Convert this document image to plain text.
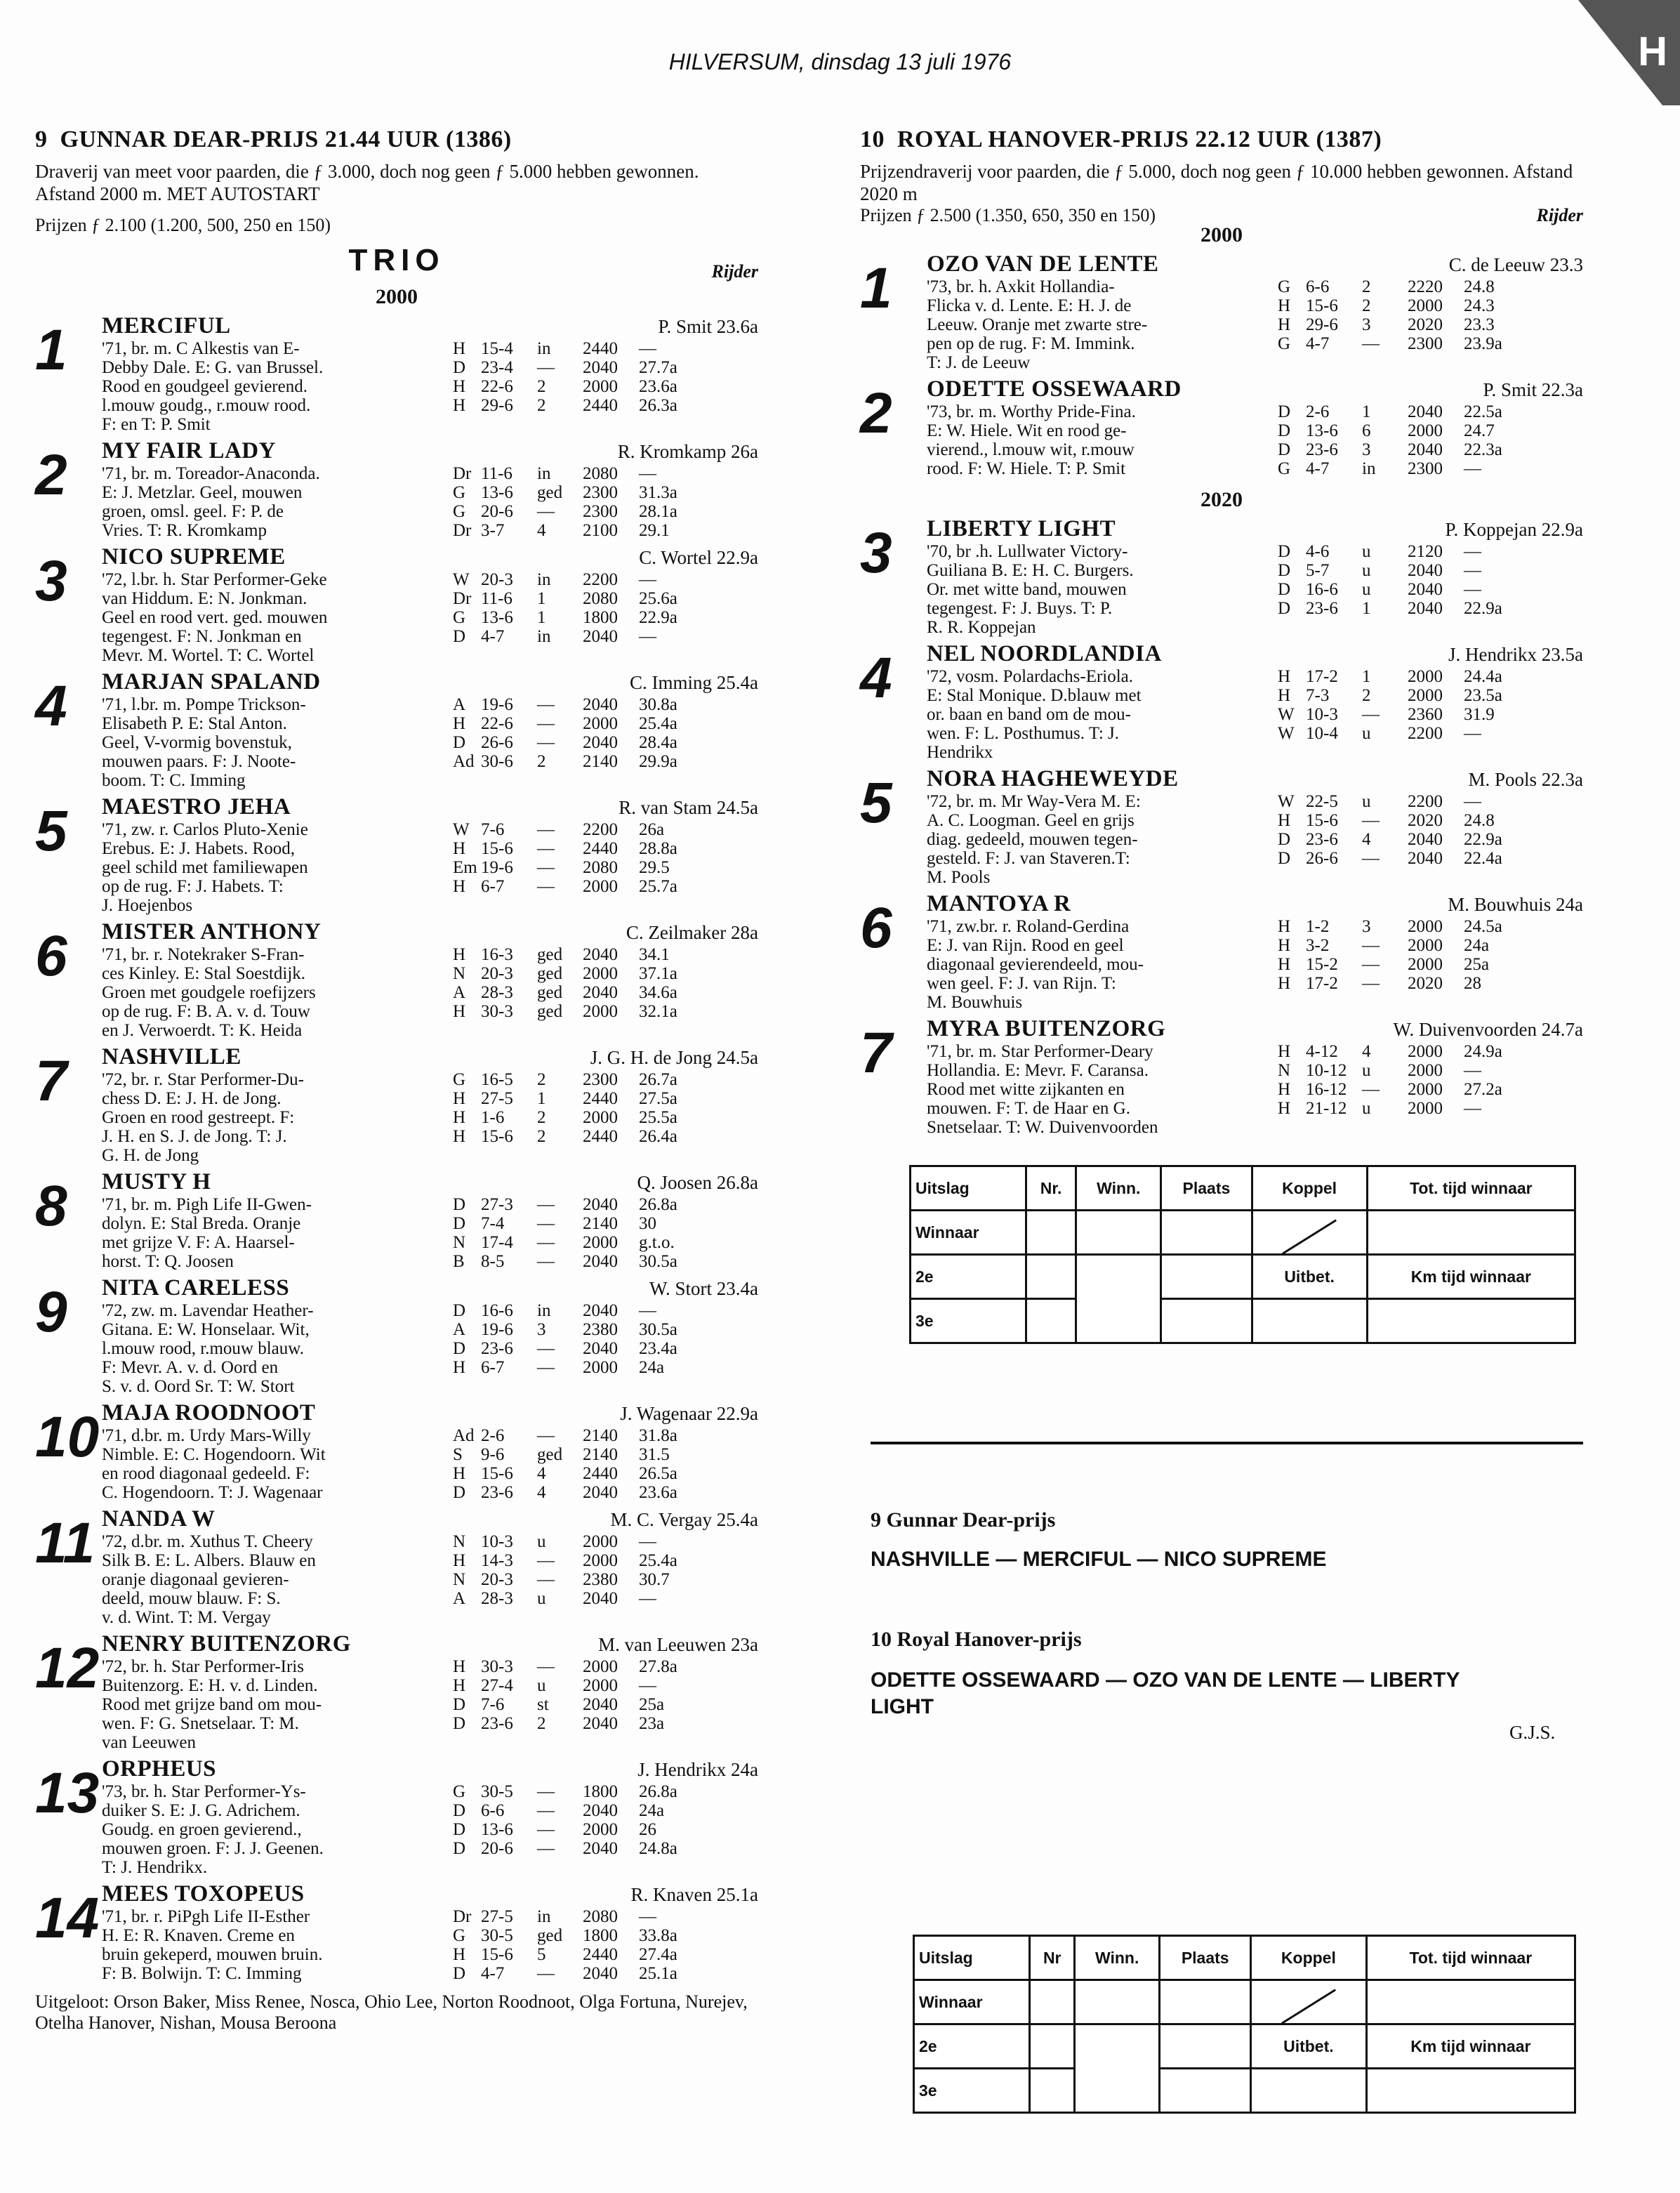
H
HILVERSUM, dinsdag 13 juli 1976
9 GUNNAR DEAR-PRIJS 21.44 UUR (1386)
Draverij van meet voor paarden, die ƒ 3.000, doch nog geen ƒ 5.000 hebben gewonnen. Afstand 2000 m. MET AUTOSTART
Prijzen ƒ 2.100 (1.200, 500, 250 en 150)
TRIO	Rijder
2000
1	MERCIFUL	P. Smit 23.6a
'71, br. m. C Alkestis van E-
Debby Dale. E: G. van Brussel.
Rood en goudgeel gevierend.
l.mouw goudg., r.mouw rood.
F: en T: P. Smit
H 15-4	in	2440	—
D 23-4	—	2040	27.7a
H 22-6	2	2000	23.6a
H 29-6	2	2440	26.3a
2	MY FAIR LADY	R. Kromkamp 26a
'71, br. m. Toreador-Anaconda.
E: J. Metzlar. Geel, mouwen
groen, omsl. geel. F: P. de
Vries. T: R. Kromkamp
Dr 11-6	in	2080	—
G 13-6	ged	2300	31.3a
G 20-6	—	2300	28.1a
Dr 3-7	4	2100	29.1
3	NICO SUPREME	C. Wortel 22.9a
'72, l.br. h. Star Performer-Geke
van Hiddum. E: N. Jonkman.
Geel en rood vert. ged. mouwen
tegengest. F: N. Jonkman en
Mevr. M. Wortel. T: C. Wortel
W 20-3	in	2200	—
Dr 11-6	1	2080	25.6a
G 13-6	1	1800	22.9a
D 4-7	in	2040	—
4	MARJAN SPALAND	C. Imming 25.4a
'71, l.br. m. Pompe Trickson-
Elisabeth P. E: Stal Anton.
Geel, V-vormig bovenstuk,
mouwen paars. F: J. Noote-
boom. T: C. Imming
A 19-6	—	2040	30.8a
H 22-6	—	2000	25.4a
D 26-6	—	2040	28.4a
Ad 30-6	2	2140	29.9a
5	MAESTRO JEHA	R. van Stam 24.5a
'71, zw. r. Carlos Pluto-Xenie
Erebus. E: J. Habets. Rood,
geel schild met familiewapen
op de rug. F: J. Habets. T:
J. Hoejenbos
W 7-6	—	2200	26a
H 15-6	—	2440	28.8a
Em 19-6	—	2080	29.5
H 6-7	—	2000	25.7a
6	MISTER ANTHONY	C. Zeilmaker 28a
'71, br. r. Notekraker S-Fran-
ces Kinley. E: Stal Soestdijk.
Groen met goudgele roefijzers
op de rug. F: B. A. v. d. Touw
en J. Verwoerdt. T: K. Heida
H 16-3	ged	2040	34.1
N 20-3	ged	2000	37.1a
A 28-3	ged	2040	34.6a
H 30-3	ged	2000	32.1a
7	NASHVILLE	J. G. H. de Jong 24.5a
'72, br. r. Star Performer-Du-
chess D. E: J. H. de Jong.
Groen en rood gestreept. F:
J. H. en S. J. de Jong. T: J.
G. H. de Jong
G 16-5	2	2300	26.7a
H 27-5	1	2440	27.5a
H 1-6	2	2000	25.5a
H 15-6	2	2440	26.4a
8	MUSTY H	Q. Joosen 26.8a
'71, br. m. Pigh Life II-Gwen-
dolyn. E: Stal Breda. Oranje
met grijze V. F: A. Haarsel-
horst. T: Q. Joosen
D 27-3	—	2040	26.8a
D 7-4	—	2140	30
N 17-4	—	2000	g.t.o.
B 8-5	—	2040	30.5a
9	NITA CARELESS	W. Stort 23.4a
'72, zw. m. Lavendar Heather-
Gitana. E: W. Honselaar. Wit,
l.mouw rood, r.mouw blauw.
F: Mevr. A. v. d. Oord en
S. v. d. Oord Sr. T: W. Stort
D 16-6	in	2040	—
A 19-6	3	2380	30.5a
D 23-6	—	2040	23.4a
H 6-7	—	2000	24a
10 MAJA ROODNOOT	J. Wagenaar 22.9a
'71, d.br. m. Urdy Mars-Willy
Nimble. E: C. Hogendoorn. Wit
en rood diagonaal gedeeld. F:
C. Hogendoorn. T: J. Wagenaar
Ad 2-6	—	2140	31.8a
S	9-6	ged	2140	31.5
H 15-6	4	2440	26.5a
D 23-6	4	2040	23.6a
11 NANDA W	M. C. Vergay 25.4a
'72, d.br. m. Xuthus T. Cheery
Silk B. E: L. Albers. Blauw en
oranje diagonaal gevieren-
deeld, mouw blauw. F: S.
v. d. Wint. T: M. Vergay
N 10-3	u	2000	—
H 14-3	—	2000	25.4a
N 20-3	—	2380	30.7
A 28-3	u	2040	—
12 NENRY BUITENZORG	M. van Leeuwen 23a
'72, br. h. Star Performer-Iris
Buitenzorg. E: H. v. d. Linden.
Rood met grijze band om mou-
wen. F: G. Snetselaar. T: M.
van Leeuwen
H 30-3	—	2000	27.8a
H 27-4	u	2000	—
D 7-6	st	2040	25a
D 23-6	2	2040	23a
13 ORPHEUS	J. Hendrikx 24a
'73, br. h. Star Performer-Ys-
duiker S. E: J. G. Adrichem.
Goudg. en groen gevierend.,
mouwen groen. F: J. J. Geenen.
T: J. Hendrikx.
G 30-5	—	1800	26.8a
D 6-6	—	2040	24a
D 13-6	—	2000	26
D 20-6	—	2040	24.8a
14 MEES TOXOPEUS	R. Knaven 25.1a
'71, br. r. PiPgh Life II-Esther
H. E: R. Knaven. Creme en
bruin gekeperd, mouwen bruin.
F: B. Bolwijn. T: C. Imming
Dr 27-5	in	2080	—
G 30-5	ged	1800	33.8a
H 15-6	5	2440	27.4a
D 4-7	—	2040	25.1a
Uitgeloot: Orson Baker, Miss Renee, Nosca, Ohio Lee, Norton Roodnoot, Olga Fortuna, Nurejev, Otelha Hanover, Nishan, Mousa Beroona
10 ROYAL HANOVER-PRIJS 22.12 UUR (1387)
Prijzendraverij voor paarden, die ƒ 5.000, doch nog geen ƒ 10.000 hebben gewonnen. Afstand 2020 m
Prijzen ƒ 2.500 (1.350, 650, 350 en 150)	Rijder
2000
1	OZO VAN DE LENTE	C. de Leeuw 23.3
'73, br. h. Axkit Hollandia-
Flicka v. d. Lente. E: H. J. de
Leeuw. Oranje met zwarte stre-
pen op de rug. F: M. Immink.
T: J. de Leeuw
G 6-6	2	2220	24.8
H 15-6	2	2000	24.3
H 29-6	3	2020	23.3
G 4-7	—	2300	23.9a
2	ODETTE OSSEWAARD	P. Smit 22.3a
'73, br. m. Worthy Pride-Fina.
E: W. Hiele. Wit en rood ge-
vierend., l.mouw wit, r.mouw
rood. F: W. Hiele. T: P. Smit
D 2-6	1	2040	22.5a
D 13-6	6	2000	24.7
D 23-6	3	2040	22.3a
G 4-7	in	2300	—
2020
3	LIBERTY LIGHT	P. Koppejan 22.9a
'70, br .h. Lullwater Victory-
Guiliana B. E: H. C. Burgers.
Or. met witte band, mouwen
tegengest. F: J. Buys. T: P.
R. R. Koppejan
D 4-6	u	2120	—
D 5-7	u	2040	—
D 16-6	u	2040	—
D 23-6	1	2040	22.9a
4	NEL NOORDLANDIA	J. Hendrikx 23.5a
'72, vosm. Polardachs-Eriola.
E: Stal Monique. D.blauw met
or. baan en band om de mou-
wen. F: L. Posthumus. T: J.
Hendrikx
H 17-2	1	2000	24.4a
H 7-3	2	2000	23.5a
W 10-3	—	2360	31.9
W 10-4	u	2200	—
5	NORA HAGHEWEYDE	M. Pools 22.3a
'72, br. m. Mr Way-Vera M. E:
A. C. Loogman. Geel en grijs
diag. gedeeld, mouwen tegen-
gesteld. F: J. van Staveren.T:
M. Pools
W 22-5	u	2200	—
H 15-6	—	2020	24.8
D 23-6	4	2040	22.9a
D 26-6	—	2040	22.4a
6	MANTOYA R	M. Bouwhuis 24a
'71, zw.br. r. Roland-Gerdina
E: J. van Rijn. Rood en geel
diagonaal gevierendeeld, mou-
wen geel. F: J. van Rijn. T:
M. Bouwhuis
H 1-2	3	2000	24.5a
H 3-2	—	2000	24a
H 15-2	—	2000	25a
H 17-2	—	2020	28
7	MYRA BUITENZORG	W. Duivenvoorden 24.7a
'71, br. m. Star Performer-Deary
Hollandia. E: Mevr. F. Caransa.
Rood met witte zijkanten en
mouwen. F: T. de Haar en G.
Snetselaar. T: W. Duivenvoorden
H 4-12	4	2000	24.9a
N 10-12 u	2000	—
H 16-12 —	2000	27.2a
H 21-12 u	2000	—
Uitslag	Nr.	Winn.	Plaats	Koppel	Tot. tijd winnaar
Winnaar					
2e				Uitbet.	Km tijd winnaar
3e					
9 Gunnar Dear-prijs
NASHVILLE — MERCIFUL — NICO SUPREME
10 Royal Hanover-prijs
ODETTE OSSEWAARD — OZO VAN DE LENTE — LIBERTY LIGHT
G.J.S.
Uitslag	Nr	Winn.	Plaats	Koppel	Tot. tijd winnaar
Winnaar					
2e				Uitbet.	Km tijd winnaar
3e					
